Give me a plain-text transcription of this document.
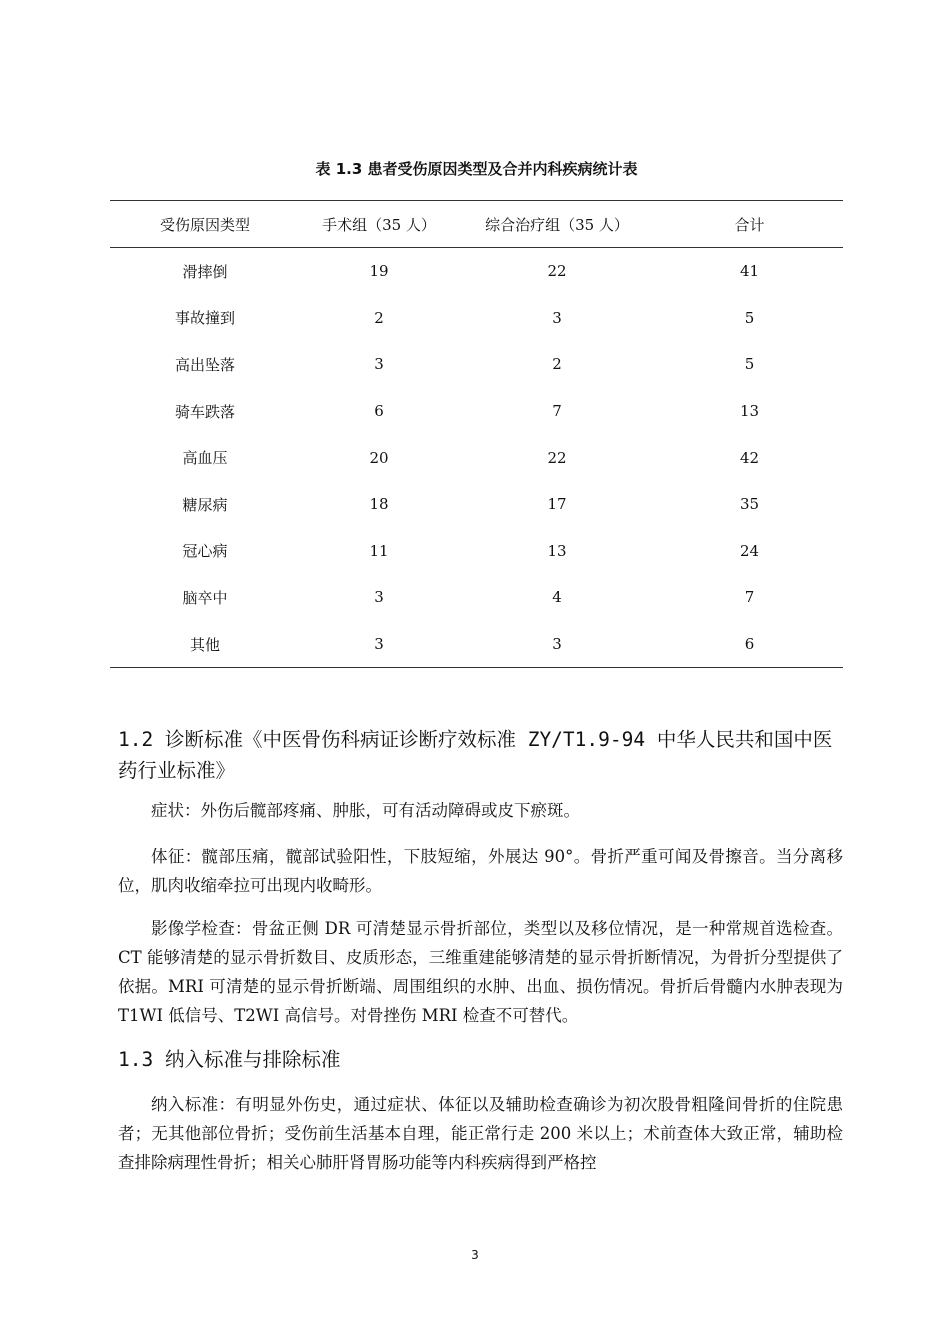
表 1.3 患者受伤原因类型及合并内科疾病统计表
受伤原因类型	手术组（35 人）	综合治疗组（35 人）	合计
滑摔倒	19	22	41
事故撞到	2	3	5
高出坠落	3	2	5
骑车跌落	6	7	13
高血压	20	22	42
糖尿病	18	17	35
冠心病	11	13	24
脑卒中	3	4	7
其他	3	3	6
1.2 诊断标准《中医骨伤科病证诊断疗效标准 ZY/T1.9-94 中华人民共和国中医药行业标准》
症状：外伤后髋部疼痛、肿胀，可有活动障碍或皮下瘀斑。
体征：髋部压痛，髋部试验阳性，下肢短缩，外展达 90°。骨折严重可闻及骨擦音。当分离移位，肌肉收缩牵拉可出现内收畸形。
影像学检查：骨盆正侧 DR 可清楚显示骨折部位，类型以及移位情况，是一种常规首选检查。CT 能够清楚的显示骨折数目、皮质形态，三维重建能够清楚的显示骨折断情况，为骨折分型提供了依据。MRI 可清楚的显示骨折断端、周围组织的水肿、出血、损伤情况。骨折后骨髓内水肿表现为 T1WI 低信号、T2WI 高信号。对骨挫伤 MRI 检查不可替代。
1.3 纳入标准与排除标准
纳入标准：有明显外伤史，通过症状、体征以及辅助检查确诊为初次股骨粗隆间骨折的住院患者；无其他部位骨折；受伤前生活基本自理，能正常行走 200 米以上；术前查体大致正常，辅助检查排除病理性骨折；相关心肺肝肾胃肠功能等内科疾病得到严格控
3
